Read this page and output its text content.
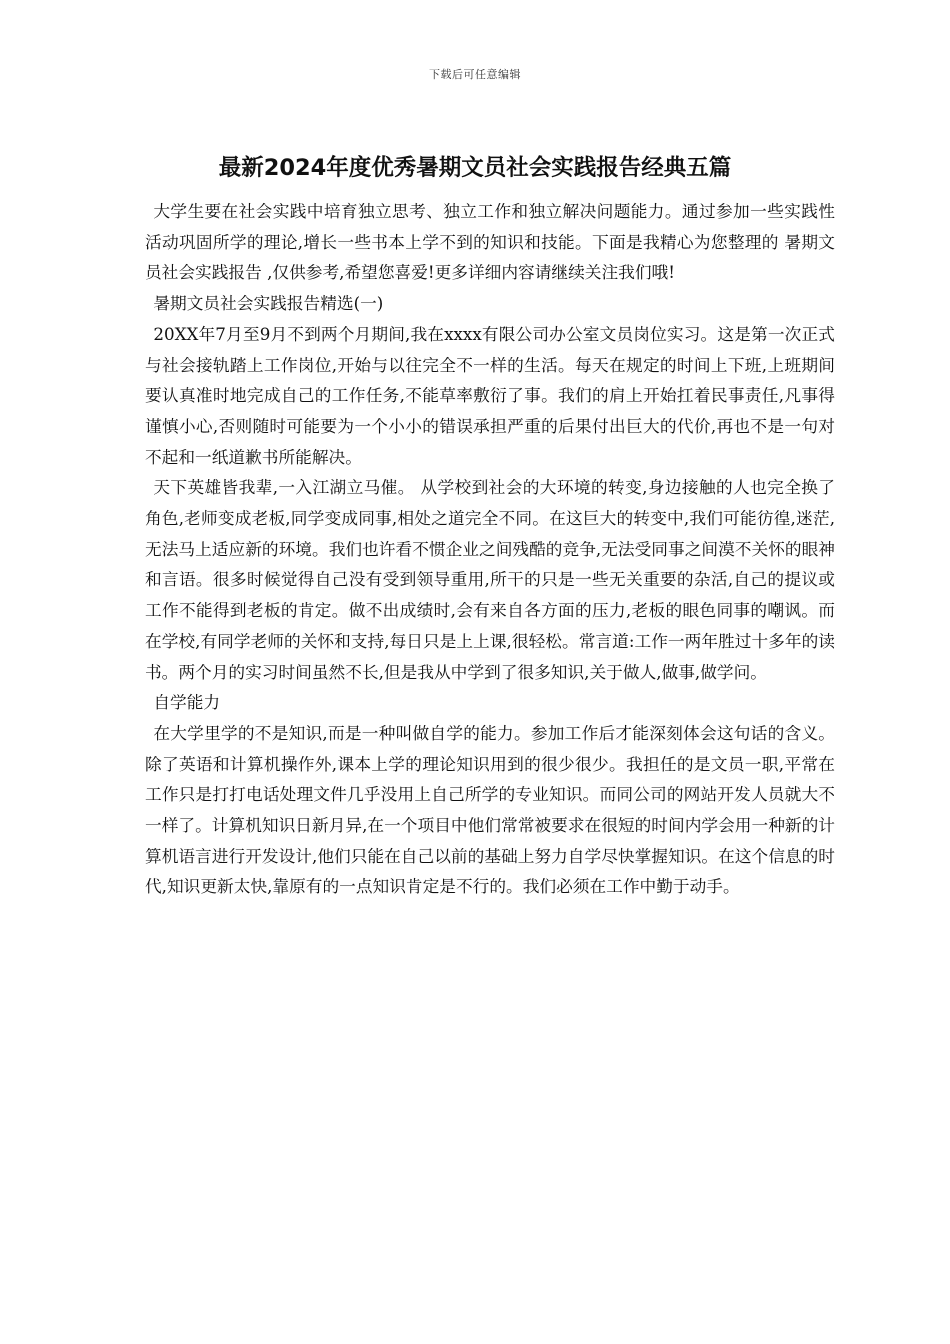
下载后可任意编辑
最新2024年度优秀暑期文员社会实践报告经典五篇

大学生要在社会实践中培育独立思考、独立工作和独立解决问题能力。通过参加一些实践性活动巩固所学的理论,增长一些书本上学不到的知识和技能。下面是我精心为您整理的 暑期文员社会实践报告 ,仅供参考,希望您喜爱!更多详细内容请继续关注我们哦!

暑期文员社会实践报告精选(一)

20XX年7月至9月不到两个月期间,我在xxxx有限公司办公室文员岗位实习。这是第一次正式与社会接轨踏上工作岗位,开始与以往完全不一样的生活。每天在规定的时间上下班,上班期间要认真准时地完成自己的工作任务,不能草率敷衍了事。我们的肩上开始扛着民事责任,凡事得谨慎小心,否则随时可能要为一个小小的错误承担严重的后果付出巨大的代价,再也不是一句对不起和一纸道歉书所能解决。

天下英雄皆我辈,一入江湖立马催。 从学校到社会的大环境的转变,身边接触的人也完全换了角色,老师变成老板,同学变成同事,相处之道完全不同。在这巨大的转变中,我们可能彷徨,迷茫,无法马上适应新的环境。我们也许看不惯企业之间残酷的竞争,无法受同事之间漠不关怀的眼神和言语。很多时候觉得自己没有受到领导重用,所干的只是一些无关重要的杂活,自己的提议或工作不能得到老板的肯定。做不出成绩时,会有来自各方面的压力,老板的眼色同事的嘲讽。而在学校,有同学老师的关怀和支持,每日只是上上课,很轻松。常言道:工作一两年胜过十多年的读书。两个月的实习时间虽然不长,但是我从中学到了很多知识,关于做人,做事,做学问。

自学能力

在大学里学的不是知识,而是一种叫做自学的能力。参加工作后才能深刻体会这句话的含义。除了英语和计算机操作外,课本上学的理论知识用到的很少很少。我担任的是文员一职,平常在工作只是打打电话处理文件几乎没用上自己所学的专业知识。而同公司的网站开发人员就大不一样了。计算机知识日新月异,在一个项目中他们常常被要求在很短的时间内学会用一种新的计算机语言进行开发设计,他们只能在自己以前的基础上努力自学尽快掌握知识。在这个信息的时代,知识更新太快,靠原有的一点知识肯定是不行的。我们必须在工作中勤于动手。
